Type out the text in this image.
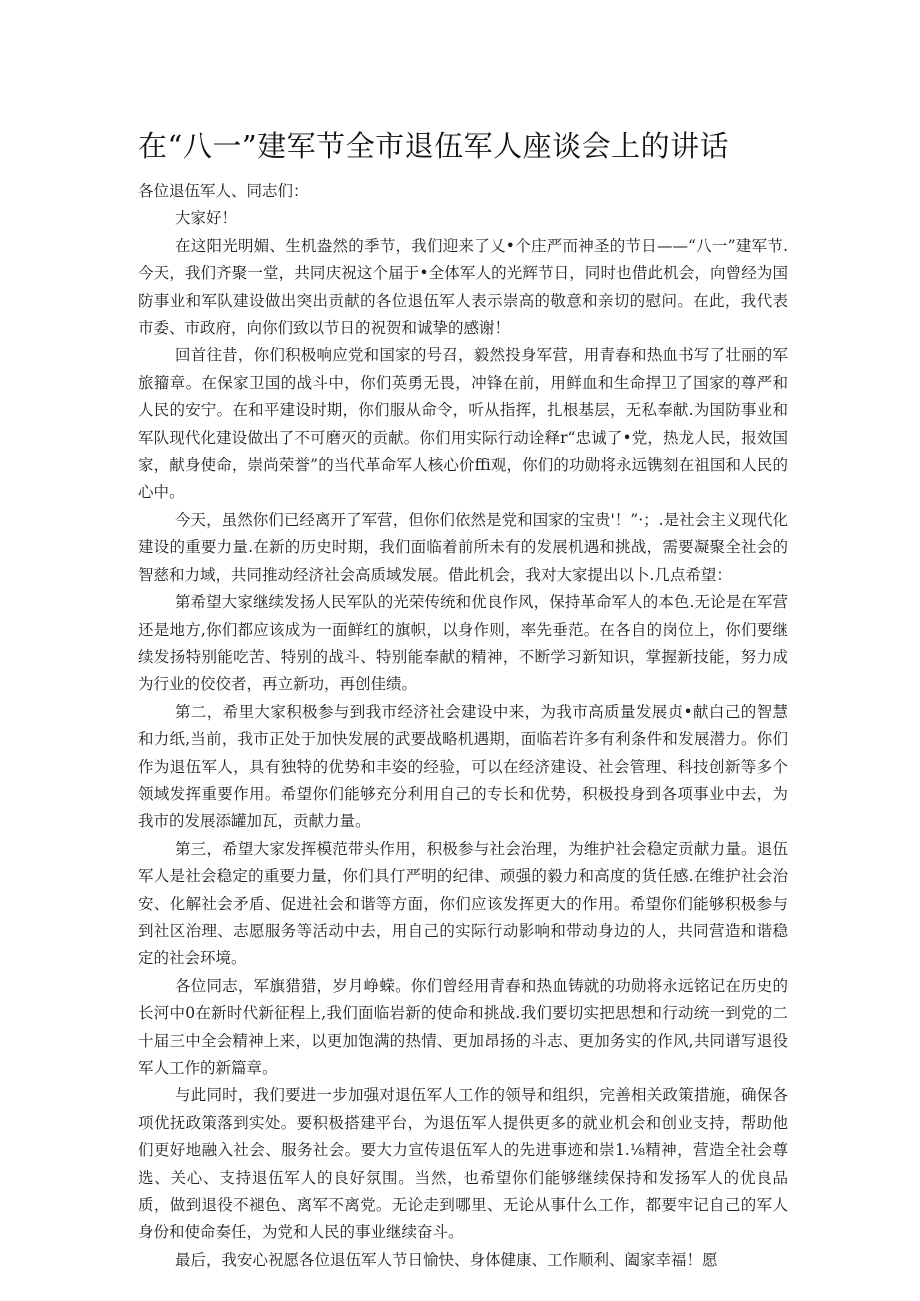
在“八一”建军节全市退伍军人座谈会上的讲话

各位退伍军人、同志们：

大家好！

在这阳光明媚、生机盎然的季节，我们迎来了乂•个庄严而神圣的节日——“八一”建军节.今天，我们齐聚一堂，共同庆祝这个届于•全体军人的光辉节日，同时也借此机会，向曾经为国防事业和军队建设做出突出贡献的各位退伍军人表示崇高的敬意和亲切的慰问。在此，我代表市委、市政府，向你们致以节日的祝贺和诚挚的感谢！

回首往昔，你们积极响应党和国家的号召，毅然投身军营，用青春和热血书写了壮丽的军旅籀章。在保家卫国的战斗中，你们英勇无畏，冲锋在前，用鲜血和生命捍卫了国家的尊严和人民的安宁。在和平建设时期，你们服从命令，听从指挥，扎根基层，无私奉献.为国防事业和军队现代化建设做出了不可磨灭的贡献。你们用实际行动诠释r“忠诚了•党，热龙人民，报效国家，献身使命，崇尚荣誉”的当代革命军人核心价ffi观，你们的功勋将永远镌刻在祖国和人民的心中。

今天，虽然你们已经离开了军营，但你们依然是党和国家的宝贵'！”·；.是社会主义现代化建设的重要力量.在新的历史时期，我们面临着前所未有的发展机遇和挑战，需要凝聚全社会的智慈和力域，共同推动经济社会高质域发展。借此机会，我对大家提出以卜.几点希望：

第希望大家继续发扬人民军队的光荣传统和优良作风，保持革命军人的本色.无论是在军营还是地方,你们都应该成为一面鲜红的旗帜，以身作则，率先垂范。在各自的岗位上，你们要继续发扬特别能吃苦、特别的战斗、特别能奉献的精神，不断学习新知识，掌握新技能，努力成为行业的佼佼者，再立新功，再创佳绩。

第二，希里大家积极参与到我市经济社会建设中来，为我市高质量发展贞•献白己的智慧和力纸,当前，我市正处于加快发展的武要战略机遇期，面临若许多有利条件和发展潜力。你们作为退伍军人，具有独特的优势和丰姿的经验，可以在经济建设、社会管理、科技创新等多个领域发挥重要作用。希望你们能够充分利用自己的专长和优势，积极投身到各项事业中去，为我市的发展添罐加瓦，贡献力量。

第三，希望大家发挥模范带头作用，积极参与社会治理，为维护社会稳定贡献力量。退伍军人是社会稳定的重要力量，你们具仃严明的纪律、顽强的毅力和高度的货任感.在维护社会治安、化解社会矛盾、促进社会和谐等方面，你们应该发挥更大的作用。希望你们能够积极参与到社区治理、志愿服务等活动中去，用自己的实际行动影响和带动身边的人，共同营造和谐稳定的社会环境。

各位同志，军旗猎猎，岁月峥蝾。你们曾经用青春和热血铸就的功勋将永远铭记在历史的长河中0在新时代新征程上,我们面临岩新的使命和挑战.我们要切实把思想和行动统一到党的二十届三中全会精神上来，以更加饱满的热情、更加昂扬的斗志、更加务实的作风,共同谱写退役军人工作的新篇章。

与此同时，我们要进一步加强对退伍军人工作的领导和组织，完善相关政策措施，确保各项优抚政策落到实处。要积极搭建平台，为退伍军人提供更多的就业机会和创业支持，帮助他们更好地融入社会、服务社会。要大力宣传退伍军人的先进事迹和崇1.⅛精神，营造全社会尊选、关心、支持退伍军人的良好氛围。当然，也希望你们能够继续保持和发扬军人的优良品质，做到退役不褪色、离军不离党。无论走到哪里、无论从事什么工作，都要牢记自己的军人身份和使命奏任，为党和人民的事业继续奋斗。

最后，我安心祝愿各位退伍军人节日愉快、身体健康、工作顺利、阖家幸福！愿
